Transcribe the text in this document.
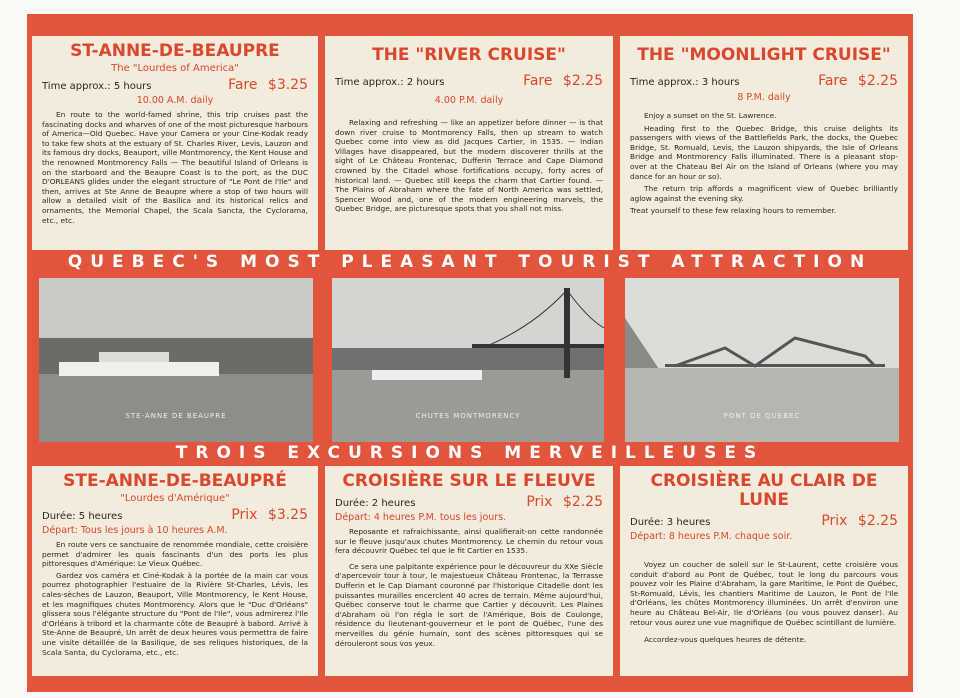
ST-ANNE-DE-BEAUPRE
The "Lourdes of America"
Time approx.: 5 hours	Fare $3.25
10.00 A.M. daily

En route to the world-famed shrine, this trip cruises past the fascinating docks and wharves of one of the most picturesque harbours of America—Old Quebec. Have your Camera or your Cine-Kodak ready to take few shots at the estuary of St. Charles River, Levis, Lauzon and its famous dry docks, Beauport, ville Montmorency, the Kent House and the renowned Montmorency Falls — The beautiful Island of Orleans is on the starboard and the Beaupre Coast is to the port, as the DUC D'ORLEANS glides under the elegant structure of "Le Pont de l'Ile" and then, arrives at Ste Anne de Beaupre where a stop of two hours will allow a detailed visit of the Basilica and its historical relics and ornaments, the Memorial Chapel, the Scala Sancta, the Cyclorama, etc., etc.

THE "RIVER CRUISE"
Time approx.: 2 hours	Fare $2.25
4.00 P.M. daily

Relaxing and refreshing — like an appetizer before dinner — is that down river cruise to Montmorency Falls, then up stream to watch Quebec come into view as did Jacques Cartier, in 1535. — Indian Villages have disappeared, but the modern discoverer thrills at the sight of Le Château Frontenac, Dufferin Terrace and Cape Diamond crowned by the Citadel whose fortifications occupy, forty acres of historical land. — Quebec still keeps the charm that Cartier found. — The Plains of Abraham where the fate of North America was settled, Spencer Wood and, one of the modern engineering marvels, the Quebec Bridge, are picturesque spots that you shall not miss.

THE "MOONLIGHT CRUISE"
Time approx.: 3 hours	Fare $2.25
8 P.M. daily

Enjoy a sunset on the St. Lawrence.

Heading first to the Quebec Bridge, this cruise delights its passengers with views of the Battlefields Park, the docks, the Quebec Bridge, St. Romuald, Levis, the Lauzon shipyards, the Isle of Orleans Bridge and Montmorency Falls illuminated. There is a pleasant stop-over at the Chateau Bel Air on the Island of Orleans (where you may dance for an hour or so).

The return trip affords a magnificent view of Quebec brilliantly aglow against the evening sky.

Treat yourself to these few relaxing hours to remember.

QUEBEC'S MOST PLEASANT TOURIST ATTRACTION
STE-ANNE DE BEAUPRE	CHUTES MONTMORENCY	PONT DE QUEBEC
TROIS EXCURSIONS MERVEILLEUSES
STE-ANNE-DE-BEAUPRÉ
"Lourdes d'Amérique"
Durée: 5 heures	Prix $3.25
Départ: Tous les jours à 10 heures A.M.

En route vers ce sanctuaire de renommée mondiale, cette croisière permet d'admirer les quais fascinants d'un des ports les plus pittoresques d'Amérique: Le Vieux Québec.

Gardez vos caméra et Ciné-Kodak à la portée de la main car vous pourrez photographier l'estuaire de la Rivière St-Charles, Lévis, les cales-sèches de Lauzon, Beauport, Ville Montmorency, le Kent House, et les magnifiques chutes Montmorency. Alors que le "Duc d'Orléans" glissera sous l'élégante structure du "Pont de l'Ile", vous admirerez l'Ile d'Orléans à tribord et la charmante côte de Beaupré à babord. Arrivé à Ste-Anne de Beaupré, Un arrêt de deux heures vous permettra de faire une visite détaillée de la Basilique, de ses reliques historiques, de la Scala Santa, du Cyclorama, etc., etc.

CROISIÈRE SUR LE FLEUVE
Durée: 2 heures	Prix $2.25
Départ: 4 heures P.M. tous les jours.

Reposante et rafraichissante, ainsi qualifierait-on cette randonnée sur le fleuve jusqu'aux chutes Montmorency. Le chemin du retour vous fera découvrir Québec tel que le fit Cartier en 1535.

Ce sera une palpitante expérience pour le découvreur du XXe Siècle d'apercevoir tour à tour, le majestueux Château Frontenac, la Terrasse Dufferin et le Cap Diamant couronné par l'historique Citadelle dont les puissantes murailles encerclent 40 acres de terrain. Même aujourd'hui, Québec conserve tout le charme que Cartier y découvrit. Les Plaines d'Abraham où l'on régla le sort de l'Amérique, Bois de Coulonge, résidence du lieutenant-gouverneur et le pont de Québec, l'une des merveilles du génie humain, sont des scènes pittoresques qui se dérouleront sous vos yeux.

CROISIÈRE AU CLAIR DE LUNE
Durée: 3 heures	Prix $2.25
Départ: 8 heures P.M. chaque soir.

Voyez un coucher de soleil sur le St-Laurent, cette croisière vous conduit d'abord au Pont de Québec, tout le long du parcours vous pouvez voir les Plaine d'Abraham, la gare Maritime, le Pont de Québec, St-Romuald, Lévis, les chantiers Maritime de Lauzon, le Pont de l'Ile d'Orléans, les chûtes Montmorency illuminées. Un arrêt d'environ une heure au Château Bel-Air, Ile d'Orléans (ou vous pouvez danser). Au retour vous aurez une vue magnifique de Québec scintillant de lumière.

Accordez-vous quelques heures de détente.
